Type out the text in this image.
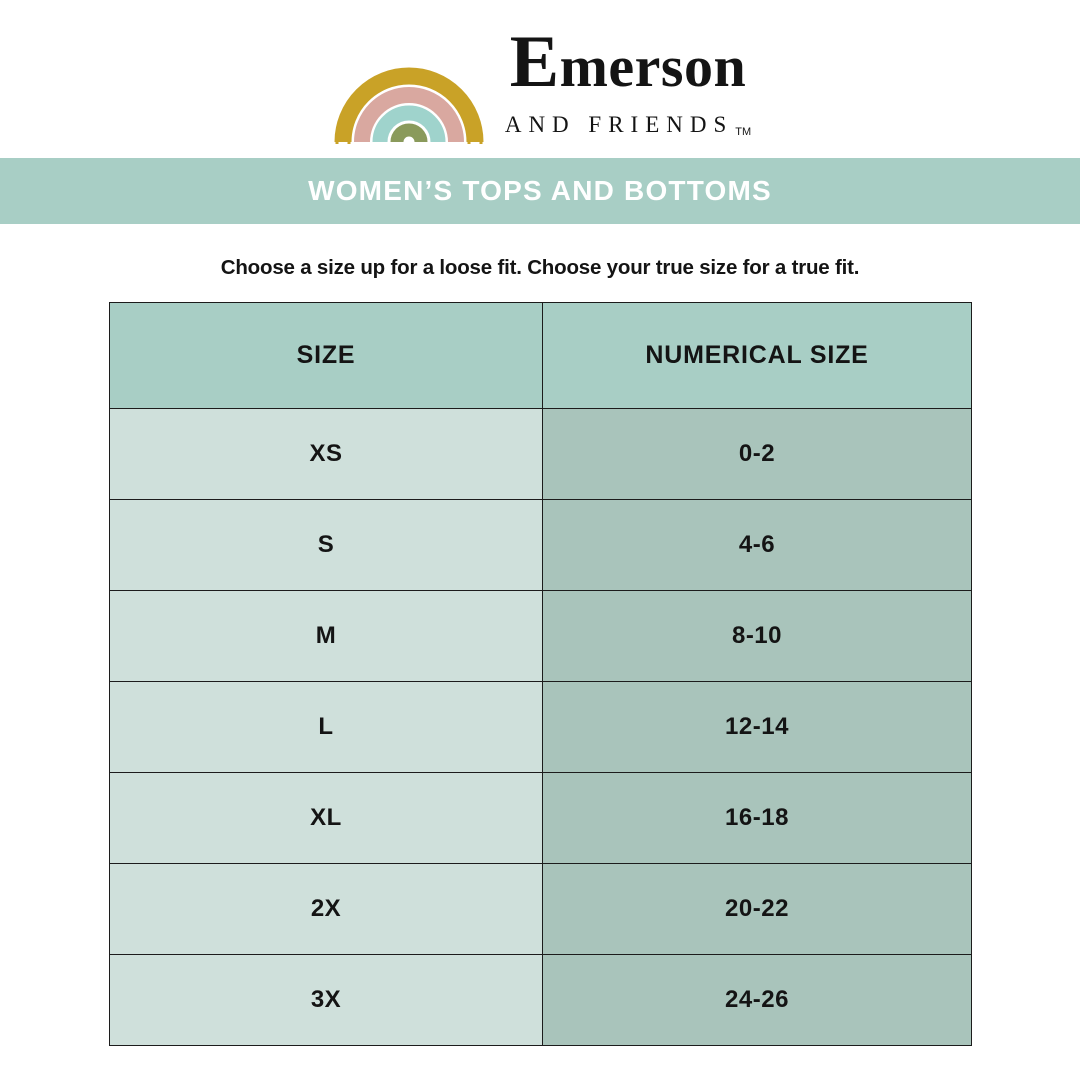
Emerson
AND FRIENDS TM
WOMEN’S TOPS AND BOTTOMS
Choose a size up for a loose fit. Choose your true size for a true fit.
SIZE	NUMERICAL SIZE
XS	0-2
S	4-6
M	8-10
L	12-14
XL	16-18
2X	20-22
3X	24-26
